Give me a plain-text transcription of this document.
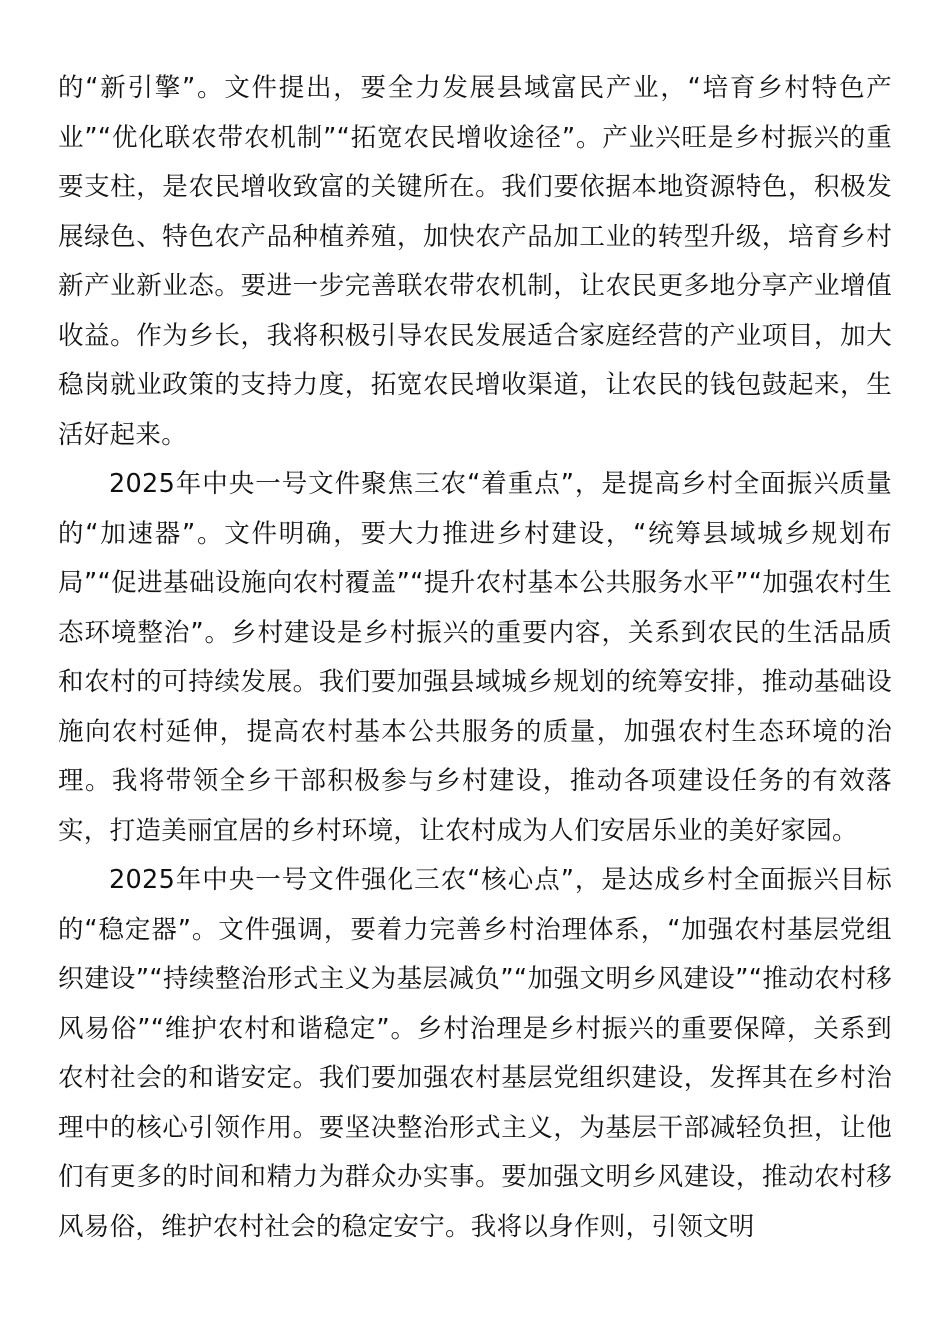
的“新引擎”。文件提出，要全力发展县域富民产业，“培育乡村特色产业”“优化联农带农机制”“拓宽农民增收途径”。产业兴旺是乡村振兴的重要支柱，是农民增收致富的关键所在。我们要依据本地资源特色，积极发展绿色、特色农产品种植养殖，加快农产品加工业的转型升级，培育乡村新产业新业态。要进一步完善联农带农机制，让农民更多地分享产业增值收益。作为乡长，我将积极引导农民发展适合家庭经营的产业项目，加大稳岗就业政策的支持力度，拓宽农民增收渠道，让农民的钱包鼓起来，生活好起来。

2025年中央一号文件聚焦三农“着重点”，是提高乡村全面振兴质量的“加速器”。文件明确，要大力推进乡村建设，“统筹县域城乡规划布局”“促进基础设施向农村覆盖”“提升农村基本公共服务水平”“加强农村生态环境整治”。乡村建设是乡村振兴的重要内容，关系到农民的生活品质和农村的可持续发展。我们要加强县域城乡规划的统筹安排，推动基础设施向农村延伸，提高农村基本公共服务的质量，加强农村生态环境的治理。我将带领全乡干部积极参与乡村建设，推动各项建设任务的有效落实，打造美丽宜居的乡村环境，让农村成为人们安居乐业的美好家园。

2025年中央一号文件强化三农“核心点”，是达成乡村全面振兴目标的“稳定器”。文件强调，要着力完善乡村治理体系，“加强农村基层党组织建设”“持续整治形式主义为基层减负”“加强文明乡风建设”“推动农村移风易俗”“维护农村和谐稳定”。乡村治理是乡村振兴的重要保障，关系到农村社会的和谐安定。我们要加强农村基层党组织建设，发挥其在乡村治理中的核心引领作用。要坚决整治形式主义，为基层干部减轻负担，让他们有更多的时间和精力为群众办实事。要加强文明乡风建设，推动农村移风易俗，维护农村社会的稳定安宁。我将以身作则，引领文明
